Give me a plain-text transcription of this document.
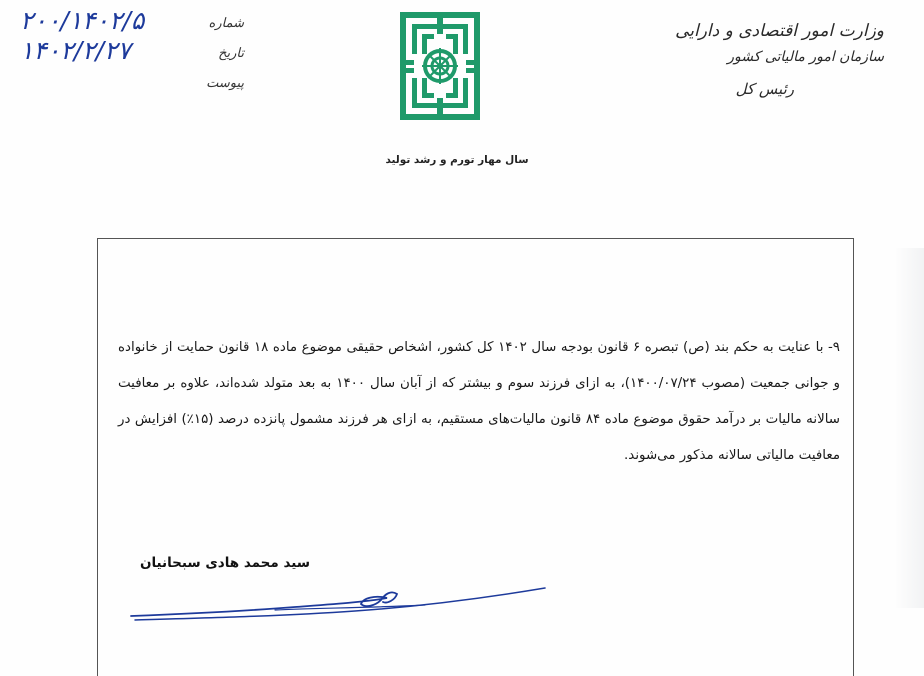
شماره
۲۰۰/۱۴۰۲/۵
تاریخ
۱۴۰۲/۲/۲۷
پیوست
وزارت امور اقتصادی و دارایی
سازمان امور مالیاتی کشور
رئیس کل
سال مهار تورم و رشد تولید
۹- با عنایت به حکم بند (ص) تبصره ۶ قانون بودجه سال ۱۴۰۲ کل کشور، اشخاص حقیقی موضوع ماده ۱۸ قانون حمایت از خانواده و جوانی جمعیت (مصوب ۱۴۰۰/۰۷/۲۴)، به ازای فرزند سوم و بیشتر که از آبان سال ۱۴۰۰ به بعد متولد شده‌اند، علاوه بر معافیت سالانه مالیات بر درآمد حقوق موضوع ماده ۸۴ قانون مالیات‌های مستقیم، به ازای هر فرزند مشمول پانزده درصد (۱۵٪) افزایش در معافیت مالیاتی سالانه مذکور می‌شوند.
سید محمد هادی سبحانیان
